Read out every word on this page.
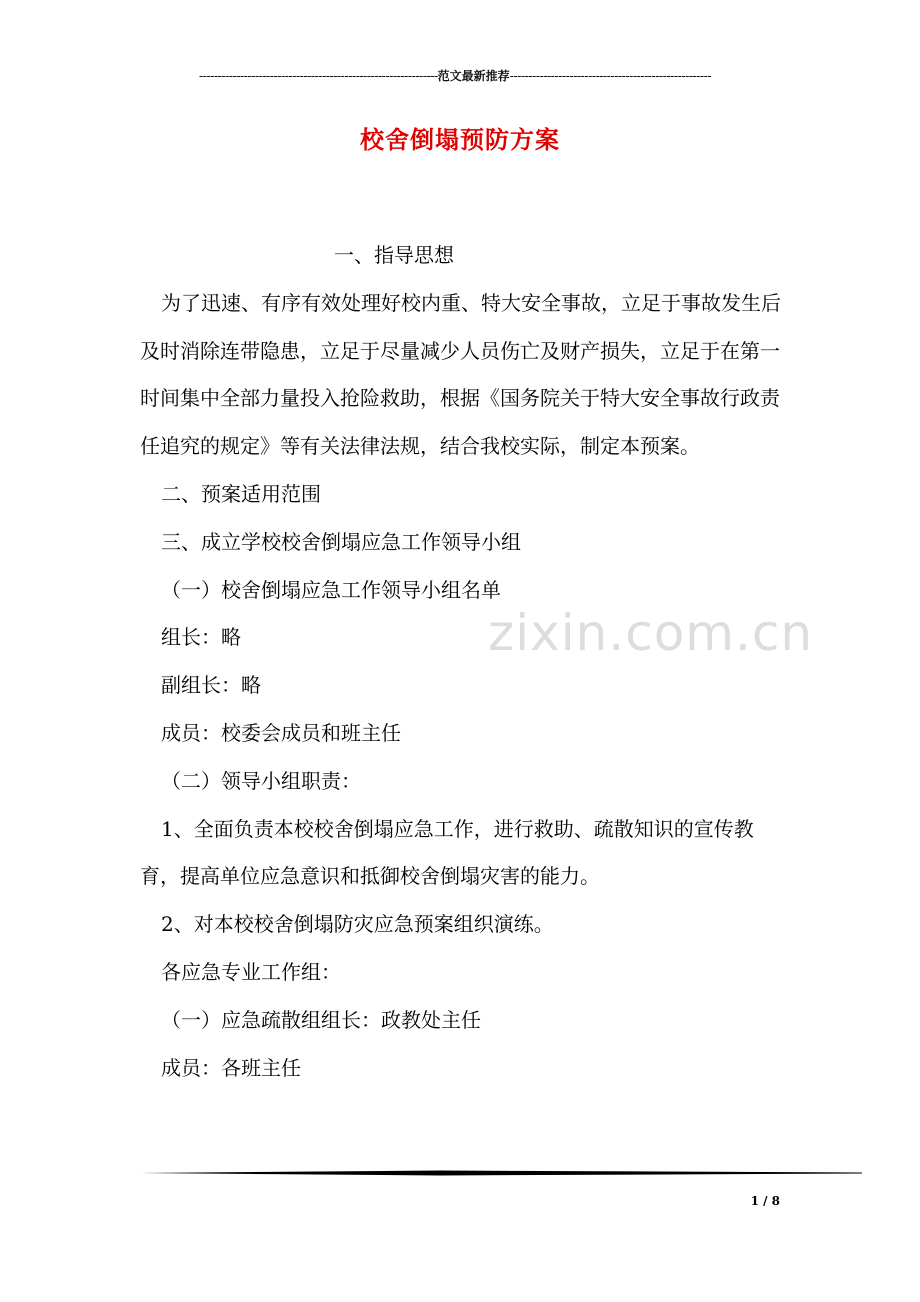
----------------------------------------------------------------范文最新推荐------------------------------------------------------
校舍倒塌预防方案

一、指导思想

为了迅速、有序有效处理好校内重、特大安全事故，立足于事故发生后及时消除连带隐患，立足于尽量减少人员伤亡及财产损失，立足于在第一时间集中全部力量投入抢险救助，根据《国务院关于特大安全事故行政责任追究的规定》等有关法律法规，结合我校实际，制定本预案。

二、预案适用范围

三、成立学校校舍倒塌应急工作领导小组

（一）校舍倒塌应急工作领导小组名单

组长：略

副组长：略

成员：校委会成员和班主任

（二）领导小组职责：

1、全面负责本校校舍倒塌应急工作，进行救助、疏散知识的宣传教育，提高单位应急意识和抵御校舍倒塌灾害的能力。

2、对本校校舍倒塌防灾应急预案组织演练。

各应急专业工作组：

（一）应急疏散组组长：政教处主任

成员：各班主任

zixin.com.cn
1 / 8
